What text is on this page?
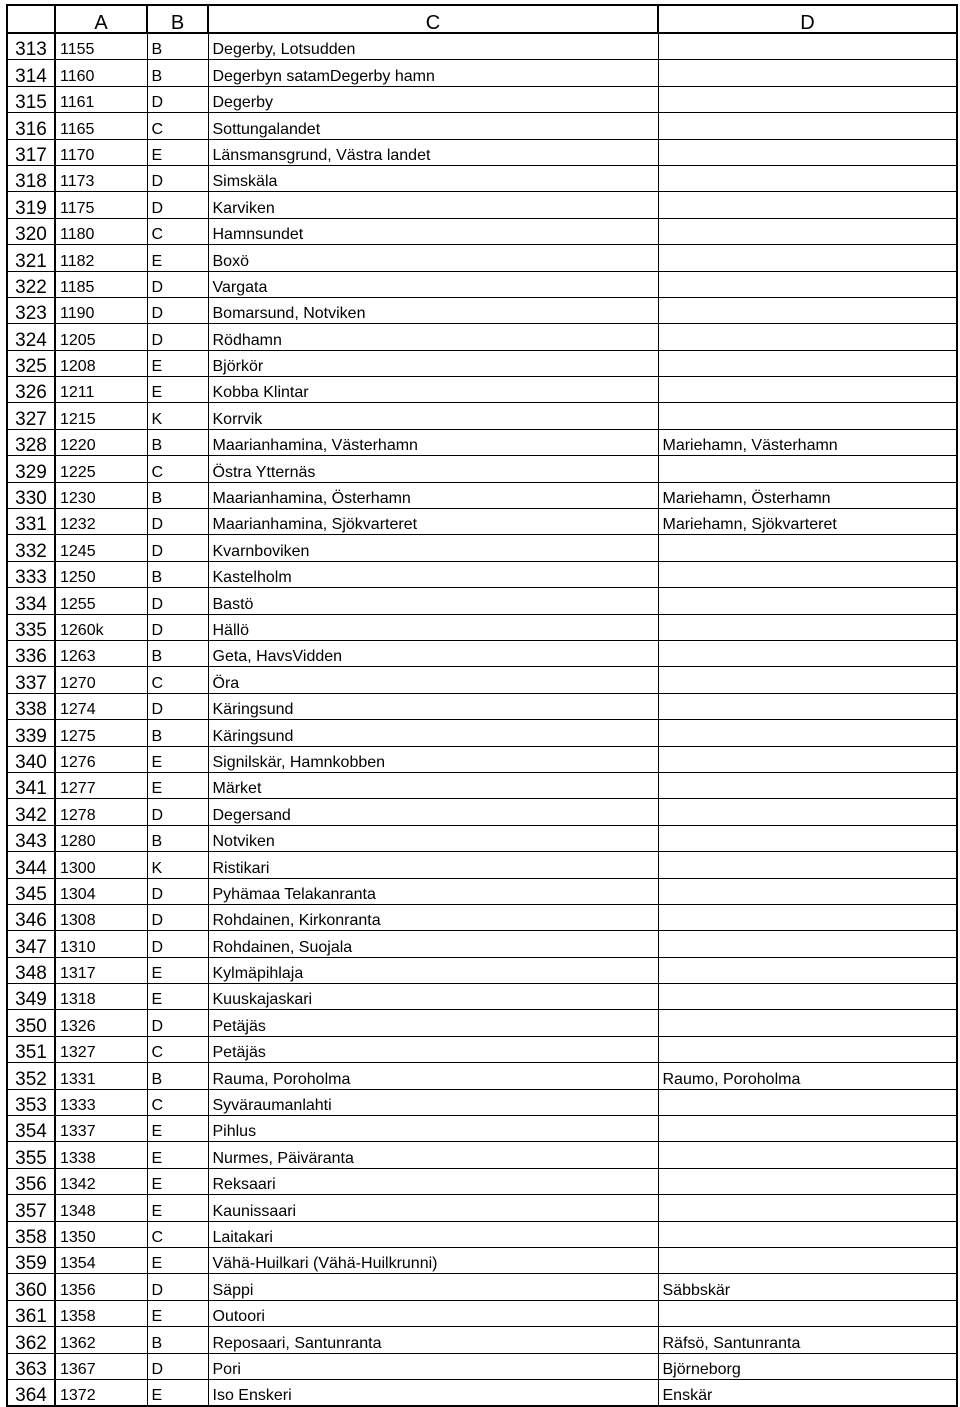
	A	B	C	D
313	1155	B	Degerby, Lotsudden	
314	1160	B	Degerbyn satamDegerby hamn	
315	1161	D	Degerby	
316	1165	C	Sottungalandet	
317	1170	E	Länsmansgrund, Västra landet	
318	1173	D	Simskäla	
319	1175	D	Karviken	
320	1180	C	Hamnsundet	
321	1182	E	Boxö	
322	1185	D	Vargata	
323	1190	D	Bomarsund, Notviken	
324	1205	D	Rödhamn	
325	1208	E	Björkör	
326	1211	E	Kobba Klintar	
327	1215	K	Korrvik	
328	1220	B	Maarianhamina, Västerhamn	Mariehamn, Västerhamn
329	1225	C	Östra Ytternäs	
330	1230	B	Maarianhamina, Österhamn	Mariehamn, Österhamn
331	1232	D	Maarianhamina, Sjökvarteret	Mariehamn, Sjökvarteret
332	1245	D	Kvarnboviken	
333	1250	B	Kastelholm	
334	1255	D	Bastö	
335	1260k	D	Hällö	
336	1263	B	Geta, HavsVidden	
337	1270	C	Öra	
338	1274	D	Käringsund	
339	1275	B	Käringsund	
340	1276	E	Signilskär, Hamnkobben	
341	1277	E	Märket	
342	1278	D	Degersand	
343	1280	B	Notviken	
344	1300	K	Ristikari	
345	1304	D	Pyhämaa Telakanranta	
346	1308	D	Rohdainen, Kirkonranta	
347	1310	D	Rohdainen, Suojala	
348	1317	E	Kylmäpihlaja	
349	1318	E	Kuuskajaskari	
350	1326	D	Petäjäs	
351	1327	C	Petäjäs	
352	1331	B	Rauma, Poroholma	Raumo, Poroholma
353	1333	C	Syväraumanlahti	
354	1337	E	Pihlus	
355	1338	E	Nurmes, Päiväranta	
356	1342	E	Reksaari	
357	1348	E	Kaunissaari	
358	1350	C	Laitakari	
359	1354	E	Vähä-Huilkari (Vähä-Huilkrunni)	
360	1356	D	Säppi	Säbbskär
361	1358	E	Outoori	
362	1362	B	Reposaari, Santunranta	Räfsö, Santunranta
363	1367	D	Pori	Björneborg
364	1372	E	Iso Enskeri	Enskär
